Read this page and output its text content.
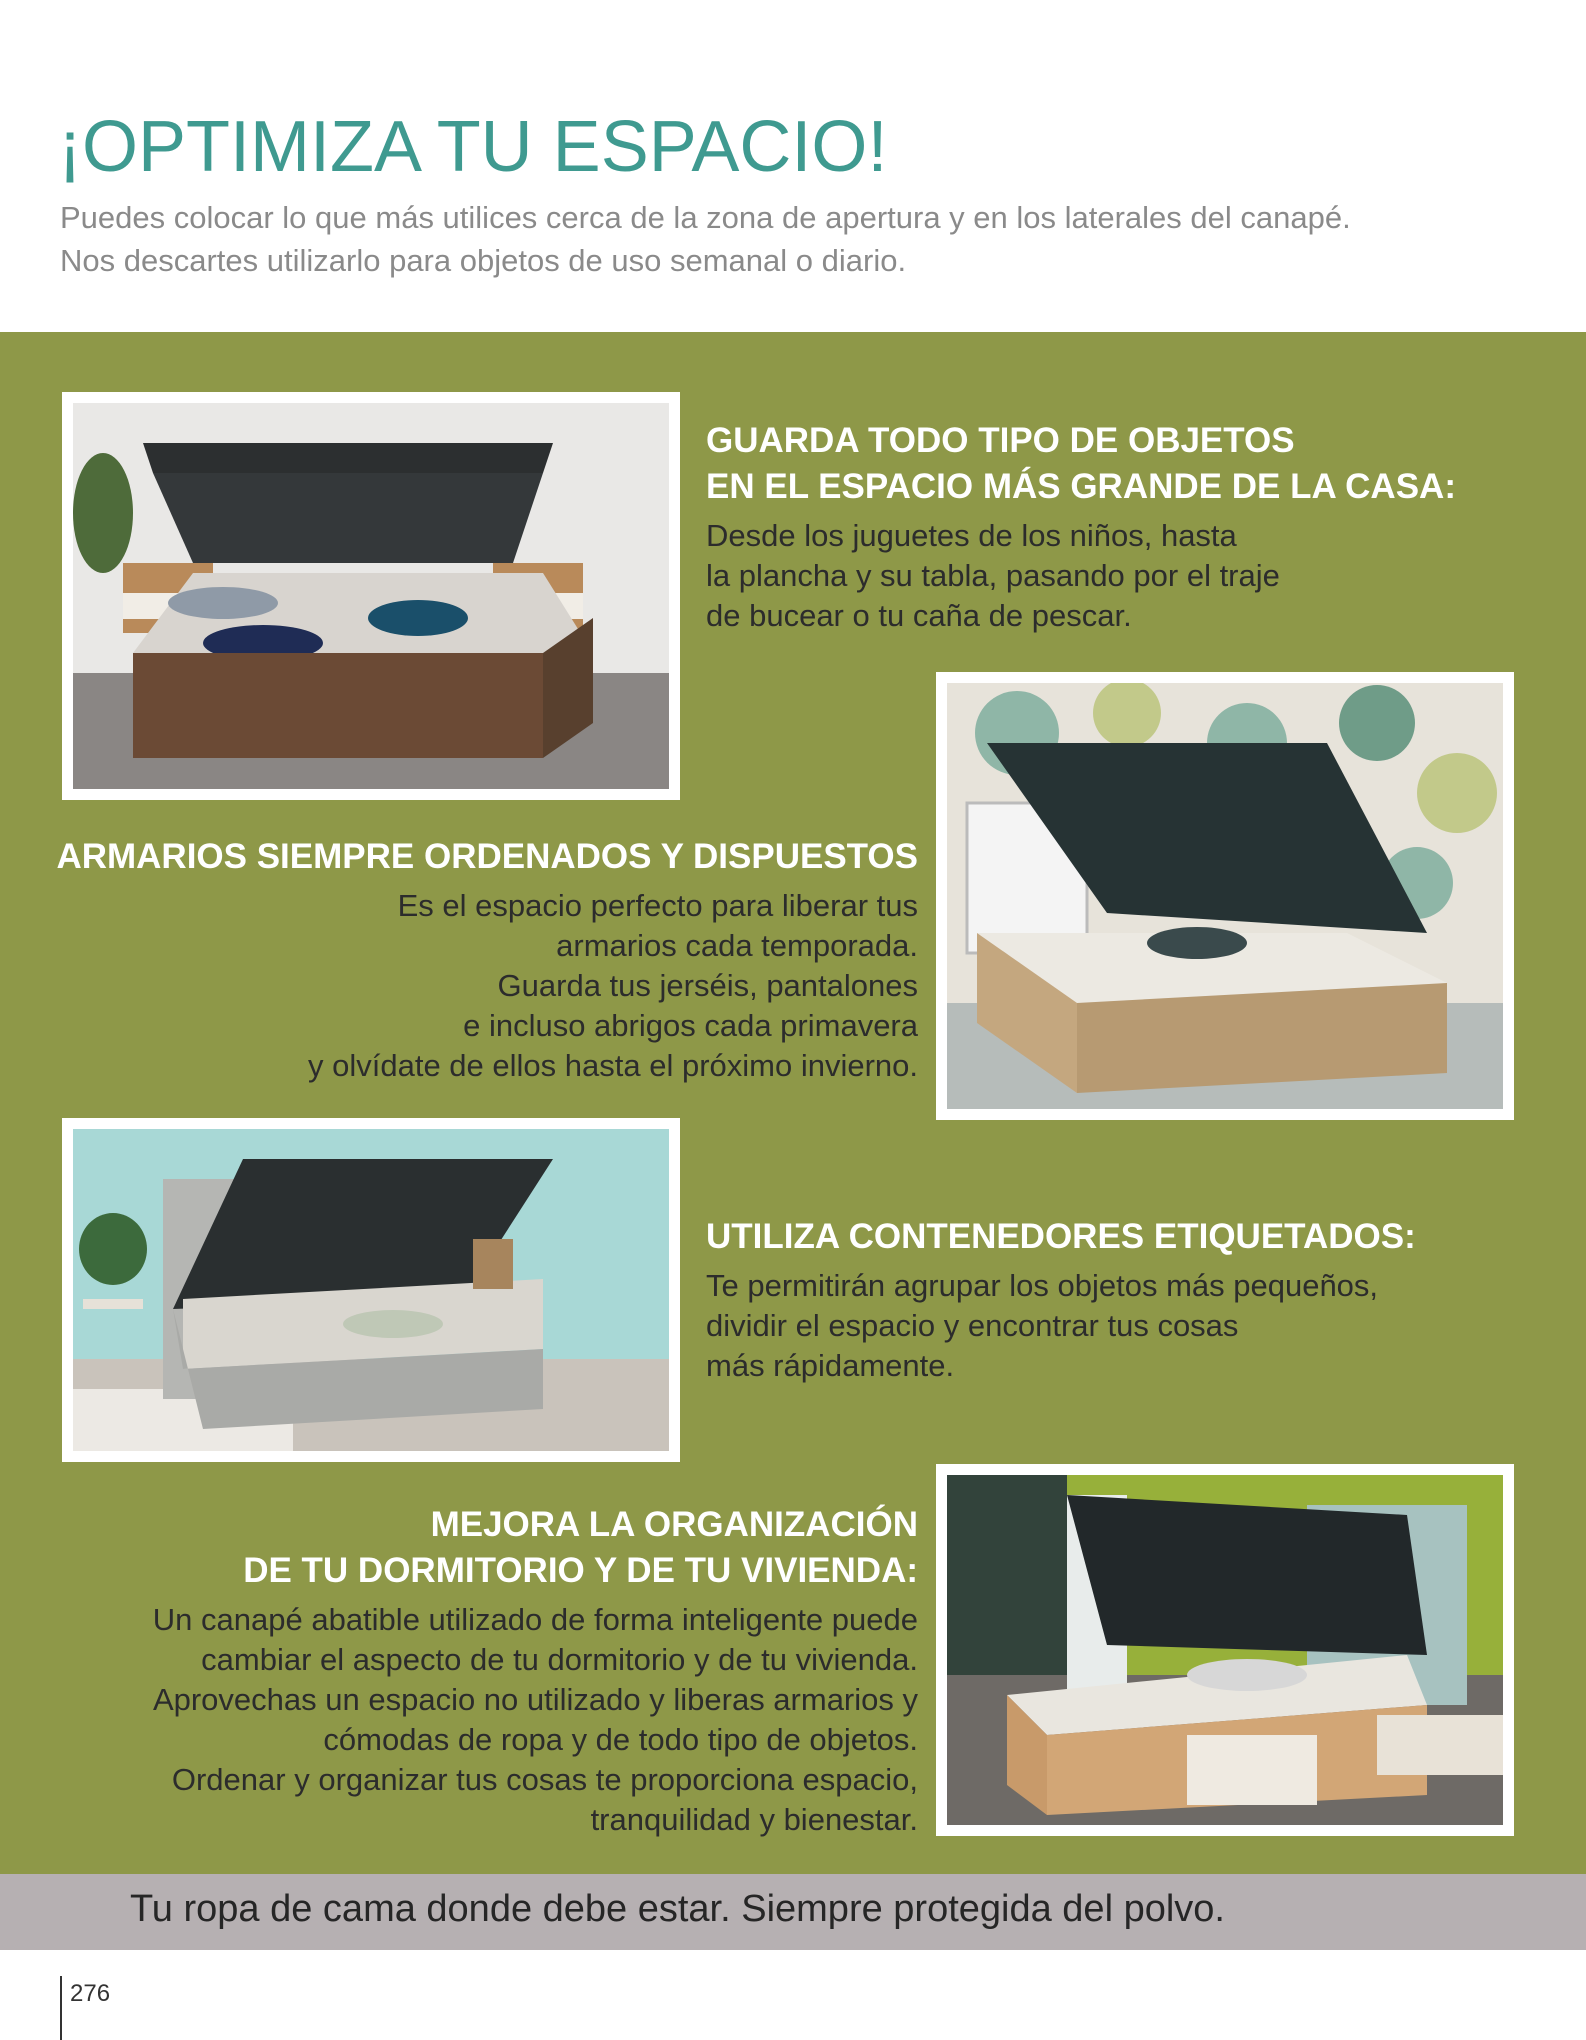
¡OPTIMIZA TU ESPACIO!
Puedes colocar lo que más utilices cerca de la zona de apertura y en los laterales del canapé.
Nos descartes utilizarlo para objetos de uso semanal o diario.
GUARDA TODO TIPO DE OBJETOS
EN EL ESPACIO MÁS GRANDE DE LA CASA:

Desde los juguetes de los niños, hasta
la plancha y su tabla, pasando por el traje
de bucear o tu caña de pescar.

ARMARIOS SIEMPRE ORDENADOS Y DISPUESTOS

Es el espacio perfecto para liberar tus
armarios cada temporada.
Guarda tus jerséis, pantalones
e incluso abrigos cada primavera
y olvídate de ellos hasta el próximo invierno.

UTILIZA CONTENEDORES ETIQUETADOS:

Te permitirán agrupar los objetos más pequeños,
dividir el espacio y encontrar tus cosas
más rápidamente.

MEJORA LA ORGANIZACIÓN
DE TU DORMITORIO Y DE TU VIVIENDA:

Un canapé abatible utilizado de forma inteligente puede
cambiar el aspecto de tu dormitorio y de tu vivienda.
Aprovechas un espacio no utilizado y liberas armarios y
cómodas de ropa y de todo tipo de objetos.
Ordenar y organizar tus cosas te proporciona espacio,
tranquilidad y bienestar.

Tu ropa de cama donde debe estar. Siempre protegida del polvo.
276
